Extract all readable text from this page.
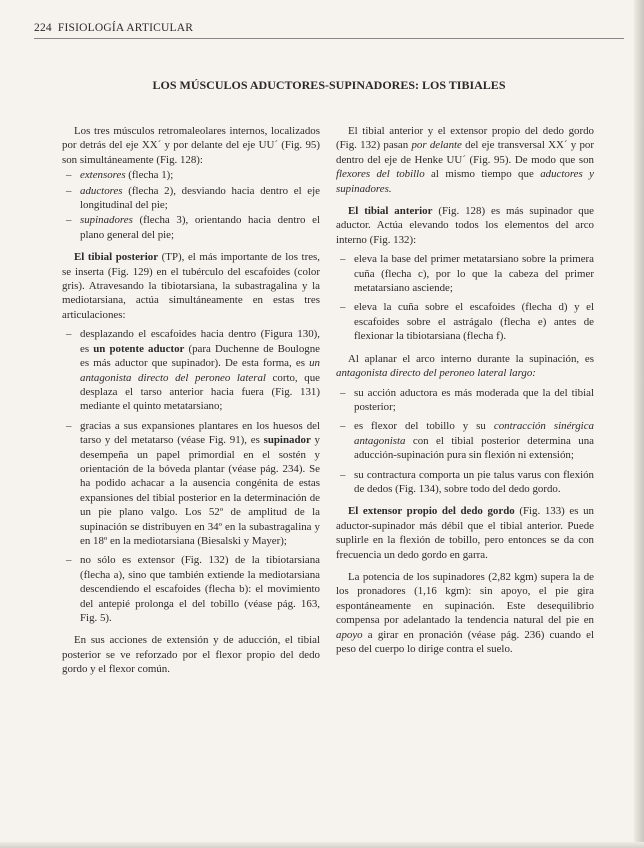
224 FISIOLOGÍA ARTICULAR
LOS MÚSCULOS ADUCTORES-SUPINADORES: LOS TIBIALES

Los tres músculos retromaleolares internos, localizados por detrás del eje XX´ y por delante del eje UU´ (Fig. 95) son simultáneamente (Fig. 128):

– extensores (flecha 1);
– aductores (flecha 2), desviando hacia dentro el eje longitudinal del pie;
– supinadores (flecha 3), orientando hacia dentro el plano general del pie;

El tibial posterior (TP), el más importante de los tres, se inserta (Fig. 129) en el tubérculo del escafoides (color gris). Atravesando la tibiotarsiana, la subastragalina y la mediotarsiana, actúa simultáneamente en estas tres articulaciones:

– desplazando el escafoides hacia dentro (Figura 130), es un potente aductor (para Duchenne de Boulogne es más aductor que supinador). De esta forma, es un antagonista directo del peroneo lateral corto, que desplaza el tarso anterior hacia fuera (Fig. 131) mediante el quinto metatarsiano;
– gracias a sus expansiones plantares en los huesos del tarso y del metatarso (véase Fig. 91), es supinador y desempeña un papel primordial en el sostén y orientación de la bóveda plantar (véase pág. 234). Se ha podido achacar a la ausencia congénita de estas expansiones del tibial posterior en la determinación de un pie plano valgo. Los 52º de amplitud de la supinación se distribuyen en 34º en la subastragalina y en 18º en la mediotarsiana (Biesalski y Mayer);
– no sólo es extensor (Fig. 132) de la tibiotarsiana (flecha a), sino que también extiende la mediotarsiana descendiendo el escafoides (flecha b): el movimiento del antepié prolonga el del tobillo (véase pág. 163, Fig. 5).

En sus acciones de extensión y de aducción, el tibial posterior se ve reforzado por el flexor propio del dedo gordo y el flexor común.

El tibial anterior y el extensor propio del dedo gordo (Fig. 132) pasan por delante del eje transversal XX´ y por dentro del eje de Henke UU´ (Fig. 95). De modo que son flexores del tobillo al mismo tiempo que aductores y supinadores.

El tibial anterior (Fig. 128) es más supinador que aductor. Actúa elevando todos los elementos del arco interno (Fig. 132):

– eleva la base del primer metatarsiano sobre la primera cuña (flecha c), por lo que la cabeza del primer metatarsiano asciende;
– eleva la cuña sobre el escafoides (flecha d) y el escafoides sobre el astrágalo (flecha e) antes de flexionar la tibiotarsiana (flecha f).

Al aplanar el arco interno durante la supinación, es antagonista directo del peroneo lateral largo:

– su acción aductora es más moderada que la del tibial posterior;
– es flexor del tobillo y su contracción sinérgica antagonista con el tibial posterior determina una aducción-supinación pura sin flexión ni extensión;
– su contractura comporta un pie talus varus con flexión de dedos (Fig. 134), sobre todo del dedo gordo.

El extensor propio del dedo gordo (Fig. 133) es un aductor-supinador más débil que el tibial anterior. Puede suplirle en la flexión de tobillo, pero entonces se da con frecuencia un dedo gordo en garra.

La potencia de los supinadores (2,82 kgm) supera la de los pronadores (1,16 kgm): sin apoyo, el pie gira espontáneamente en supinación. Este desequilibrio compensa por adelantado la tendencia natural del pie en apoyo a girar en pronación (véase pág. 236) cuando el peso del cuerpo lo dirige contra el suelo.
